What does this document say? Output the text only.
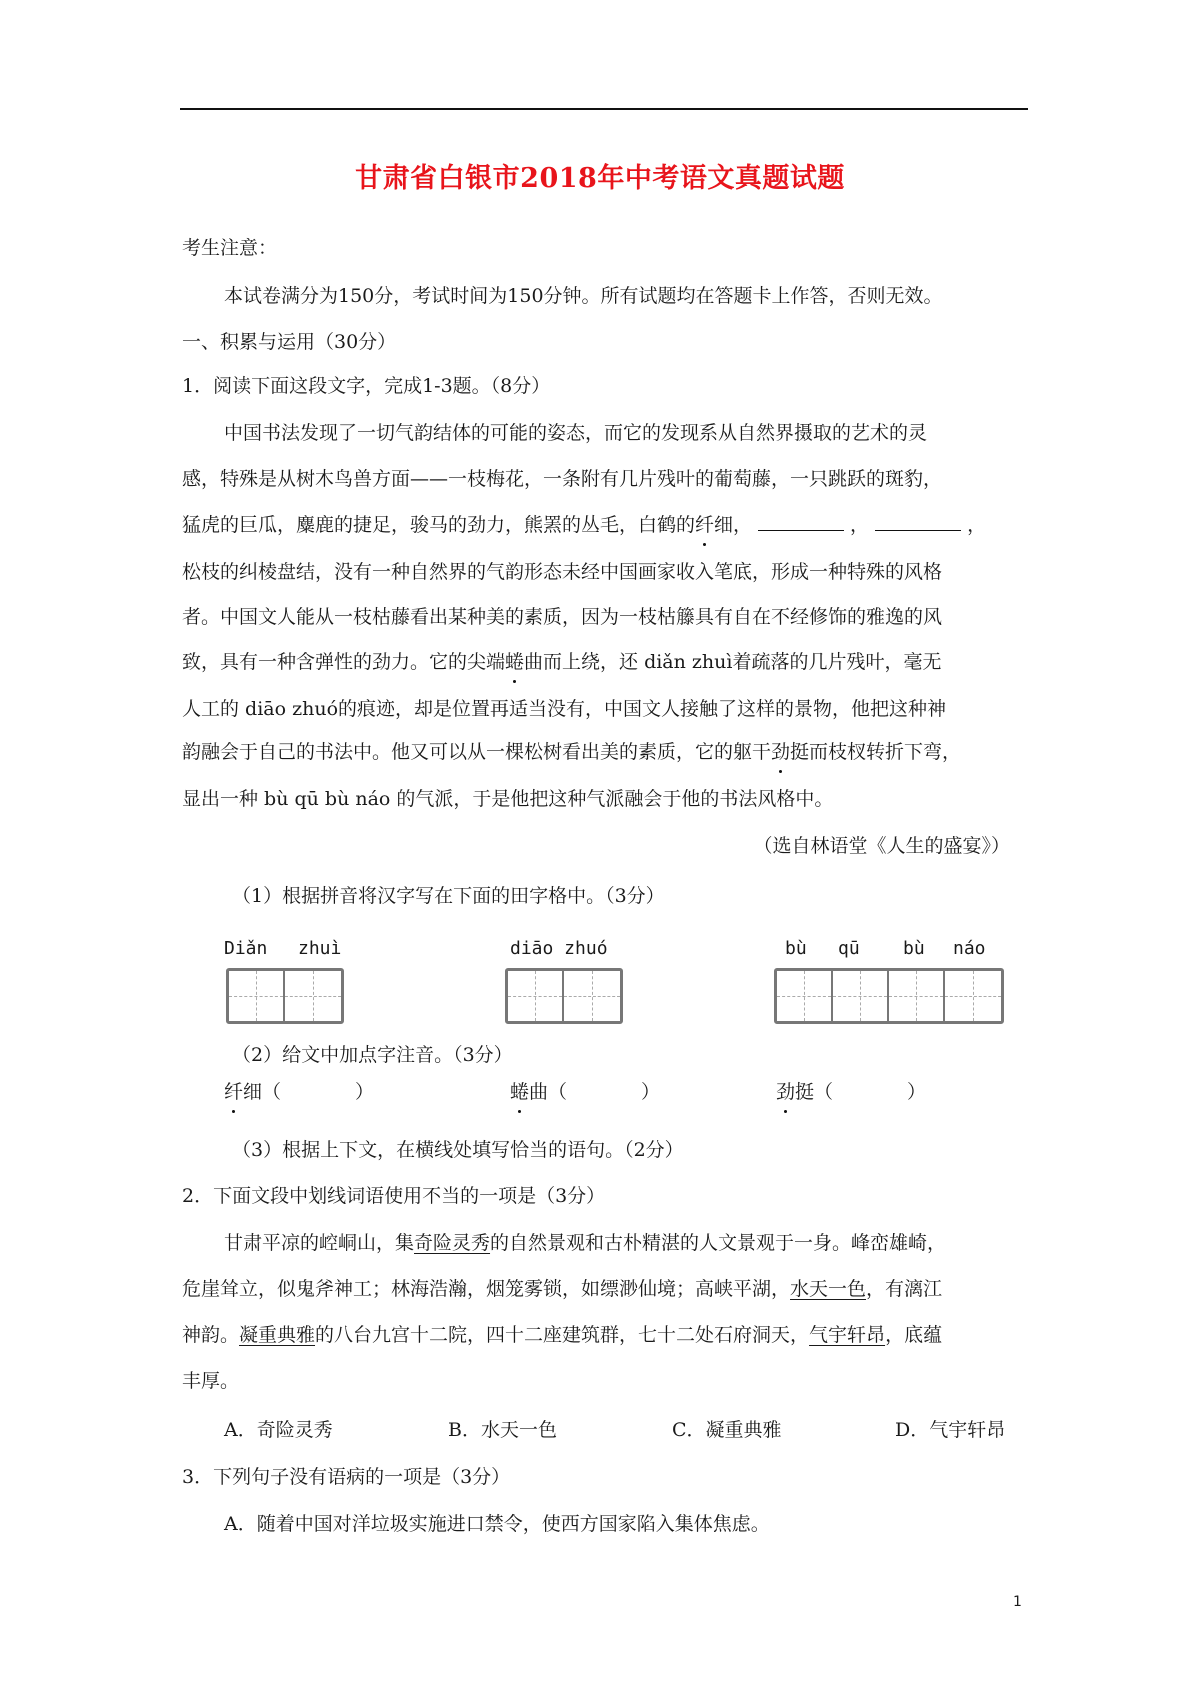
甘肃省白银市2018年中考语文真题试题
考生注意：
本试卷满分为150分，考试时间为150分钟。所有试题均在答题卡上作答，否则无效。
一、积累与运用（30分）
1．阅读下面这段文字，完成1-3题。（8分）
中国书法发现了一切气韵结体的可能的姿态，而它的发现系从自然界摄取的艺术的灵
感，特殊是从树木鸟兽方面——一枝梅花，一条附有几片残叶的葡萄藤，一只跳跃的斑豹，
猛虎的巨瓜，麋鹿的捷足，骏马的劲力，熊罴的丛毛，白鹤的纤细，	，	，
松枝的纠棱盘结，没有一种自然界的气韵形态未经中国画家收入笔底，形成一种特殊的风格
者。中国文人能从一枝枯藤看出某种美的素质，因为一枝枯籐具有自在不经修饰的雅逸的风
致，具有一种含弹性的劲力。它的尖端蜷曲而上绕，还 diǎn zhuì着疏落的几片残叶，毫无
人工的 diāo zhuó的痕迹，却是位置再适当没有，中国文人接触了这样的景物，他把这种神
韵融会于自己的书法中。他又可以从一棵松树看出美的素质，它的躯干劲挺而枝杈转折下弯，
显出一种 bù qū bù náo 的气派，于是他把这种气派融会于他的书法风格中。
（选自林语堂《人生的盛宴》）
（1）根据拼音将汉字写在下面的田字格中。（3分）
Diǎn zhuì	diāo zhuó	bù qū bù náo
（2）给文中加点字注音。（3分）
纤细（	）	蜷曲（	）	劲挺（	）
（3）根据上下文，在横线处填写恰当的语句。（2分）
2．下面文段中划线词语使用不当的一项是（3分）
甘肃平凉的崆峒山，集奇险灵秀的自然景观和古朴精湛的人文景观于一身。峰峦雄崎，
危崖耸立，似鬼斧神工；林海浩瀚，烟笼雾锁，如缥渺仙境；高峡平湖，水天一色，有漓江
神韵。凝重典雅的八台九宫十二院，四十二座建筑群，七十二处石府洞天，气宇轩昂，底蕴
丰厚。
A．奇险灵秀	B．水天一色	C．凝重典雅	D．气宇轩昂
3．下列句子没有语病的一项是（3分）
A．随着中国对洋垃圾实施进口禁令，使西方国家陷入集体焦虑。
1
